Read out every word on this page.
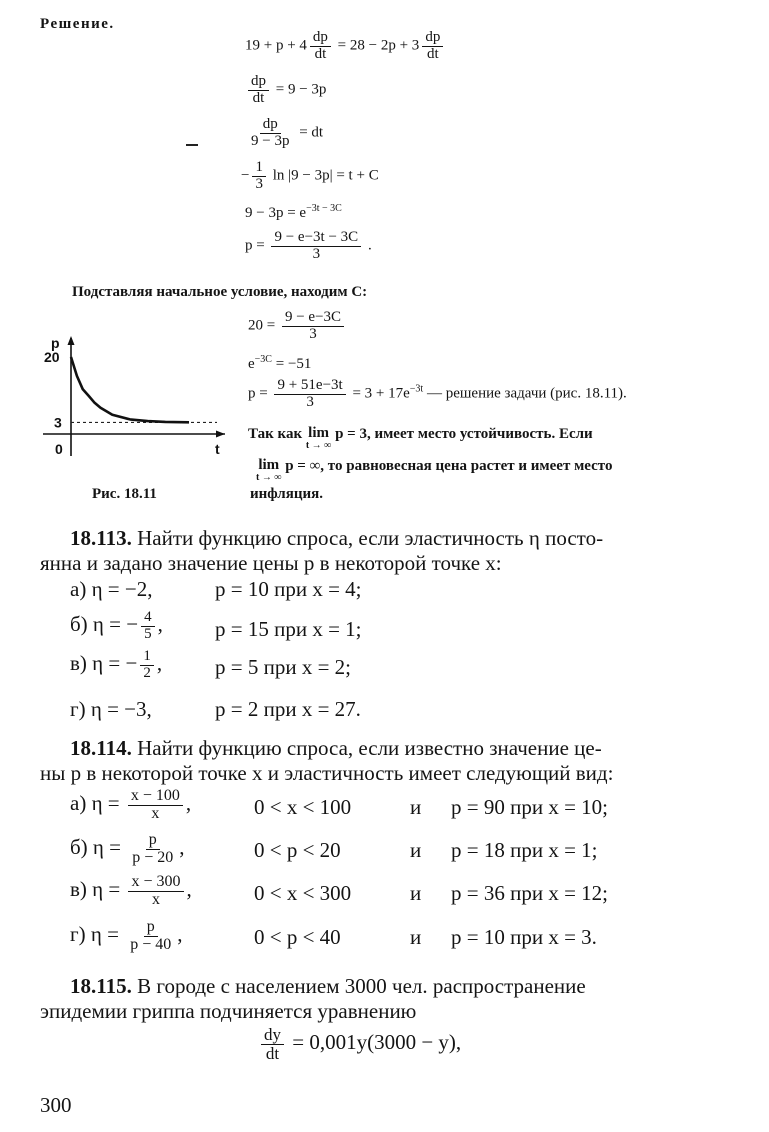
Решение.
$19 + p + 4 \frac{dp}{dt} = 28 - 2p + 3 \frac{dp}{dt}$
$\frac{dp}{dt} = 9 - 3p$
$\frac{dp}{9 - 3p}$ = dt
− $\frac{1}{3}$ ln |9 − 3p| = t + C
$9 - 3p = e^{-3t - 3C}$
$p = \frac{9 - e-3t - 3C}{3}$ .
Подставляя начальное условие, находим C:
$20 = \frac{9 - e-3C}{3}$
$e^{-3C} = -51$
$p = \frac{9 + 51e-3t}{3} = 3 + 17e^{-3t}$ — решение задачи (рис. 18.11).
Так как lim
t → ∞
p = 3, имеет место устойчивость. Если
lim
t → ∞
p = ∞, то равновесная цена растет и имеет место
инфляция.
p
t
20
3
0
Рис. 18.11
18.113. Найти функцию спроса, если эластичность η посто-
янна и задано значение цены p в некоторой точке x:
а) η = −2,	p = 10 при x = 4;
б) η = − $\frac{4}{5}$ , p = 15 при x = 1;
в) η = − $\frac{1}{2}$ ,	p = 5 при x = 2;
г) η = −3,	p = 2 при x = 27.
18.114. Найти функцию спроса, если известно значение це-
ны p в некоторой точке x и эластичность имеет следующий вид:
а) $\eta = \frac{x - 100}{x}$ ,	0 < x < 100	и p = 90 при x = 10;
б) $\eta = \frac{p}{p - 20}$ ,	0 < p < 20	и p = 18 при x = 1;
в) $\eta = \frac{x - 300}{x}$ ,	0 < x < 300	и p = 36 при x = 12;
г) $\eta = \frac{p}{p - 40}$ ,	0 < p < 40	и p = 10 при x = 3.
18.115. В городе с населением 3000 чел. распространение
эпидемии гриппа подчиняется уравнению
$\frac{dy}{dt} = 0,001y(3000 - y)$,
300
